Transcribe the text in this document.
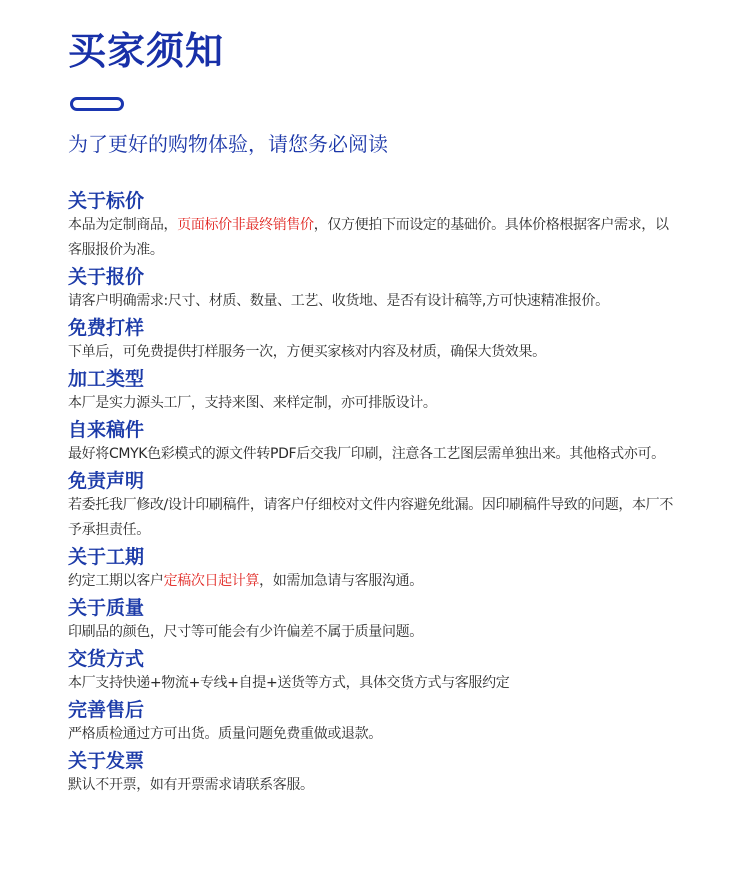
买家须知

为了更好的购物体验，请您务必阅读

关于标价

本品为定制商品，页面标价非最终销售价，仅方便拍下而设定的基础价。具体价格根据客户需求，以客服报价为准。

关于报价

请客户明确需求:尺寸、材质、数量、工艺、收货地、是否有设计稿等,方可快速精准报价。

免费打样

下单后，可免费提供打样服务一次，方便买家核对内容及材质，确保大货效果。

加工类型

本厂是实力源头工厂，支持来图、来样定制，亦可排版设计。

自来稿件

最好将CMYK色彩模式的源文件转PDF后交我厂印刷，注意各工艺图层需单独出来。其他格式亦可。

免责声明

若委托我厂修改/设计印刷稿件，请客户仔细校对文件内容避免纰漏。因印刷稿件导致的问题，本厂不予承担责任。

关于工期

约定工期以客户定稿次日起计算，如需加急请与客服沟通。

关于质量

印刷品的颜色，尺寸等可能会有少许偏差不属于质量问题。

交货方式

本厂支持快递+物流+专线+自提+送货等方式，具体交货方式与客服约定

完善售后

严格质检通过方可出货。质量问题免费重做或退款。

关于发票

默认不开票，如有开票需求请联系客服。
